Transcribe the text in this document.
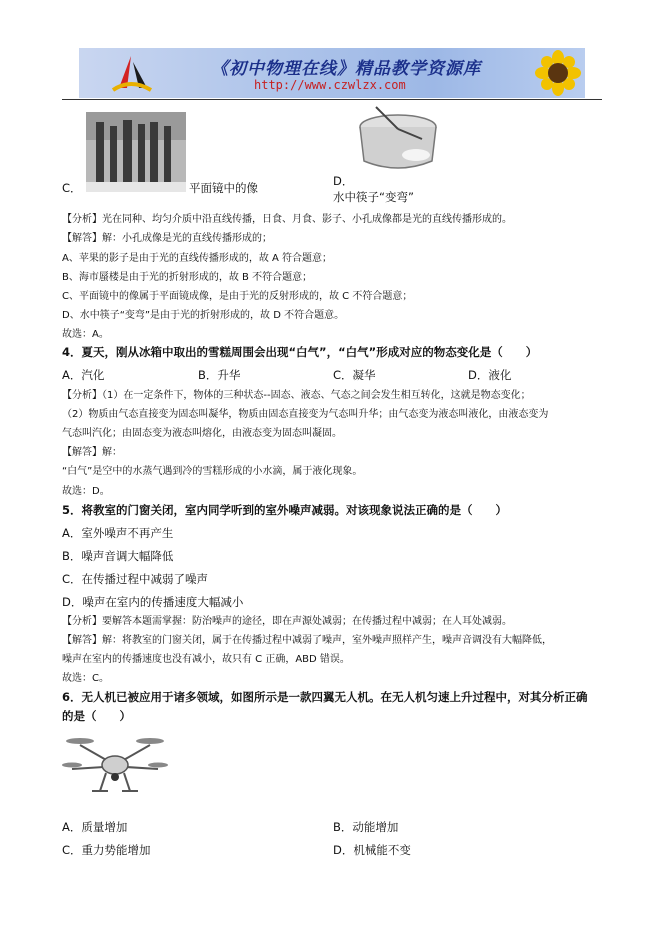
《初中物理在线》精品教学资源库
http://www.czwlzx.com
C．	平面镜中的像	D．
水中筷子“变弯”
【分析】光在同种、均匀介质中沿直线传播，日食、月食、影子、小孔成像都是光的直线传播形成的。
【解答】解：小孔成像是光的直线传播形成的；
A、苹果的影子是由于光的直线传播形成的，故 A 符合题意；
B、海市蜃楼是由于光的折射形成的，故 B 不符合题意；
C、平面镜中的像属于平面镜成像，是由于光的反射形成的，故 C 不符合题意；
D、水中筷子“变弯”是由于光的折射形成的，故 D 不符合题意。
故选：A。
4．夏天，刚从冰箱中取出的雪糕周围会出现“白气”，“白气”形成对应的物态变化是（　　）
A．汽化	B．升华	C．凝华	D．液化
【分析】（1）在一定条件下，物体的三种状态--固态、液态、气态之间会发生相互转化，这就是物态变化；
（2）物质由气态直接变为固态叫凝华，物质由固态直接变为气态叫升华；由气态变为液态叫液化，由液态变为
气态叫汽化；由固态变为液态叫熔化，由液态变为固态叫凝固。
【解答】解：
“白气”是空中的水蒸气遇到冷的雪糕形成的小水滴，属于液化现象。
故选：D。
5．将教室的门窗关闭，室内同学听到的室外噪声减弱。对该现象说法正确的是（　　）
A．室外噪声不再产生
B．噪声音调大幅降低
C．在传播过程中减弱了噪声
D．噪声在室内的传播速度大幅减小
【分析】要解答本题需掌握：防治噪声的途径，即在声源处减弱；在传播过程中减弱；在人耳处减弱。
【解答】解：将教室的门窗关闭，属于在传播过程中减弱了噪声，室外噪声照样产生，噪声音调没有大幅降低，
噪声在室内的传播速度也没有减小，故只有 C 正确，ABD 错误。
故选：C。
6．无人机已被应用于诸多领域，如图所示是一款四翼无人机。在无人机匀速上升过程中，对其分析正确
的是（　　）
A．质量增加	B．动能增加
C．重力势能增加	D．机械能不变
